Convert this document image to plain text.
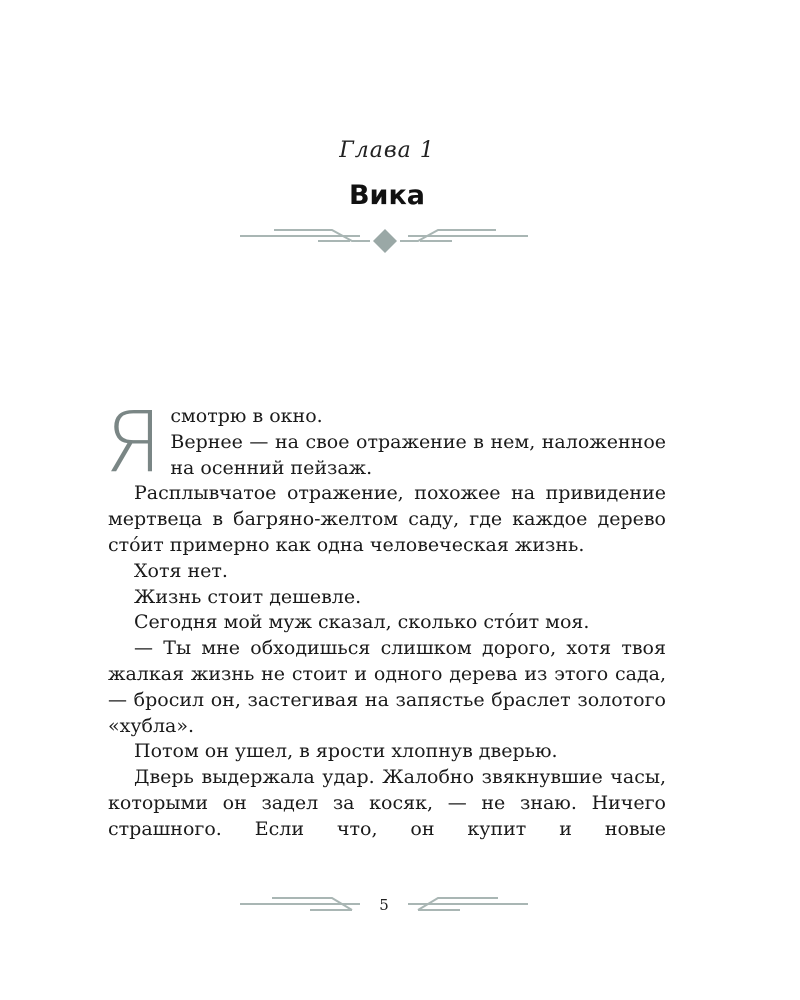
Глава 1
Вика
Я смотрю в окно.

Вернее — на свое отражение в нем, наложенное на осенний пейзаж.

Расплывчатое отражение, похожее на привидение мертвеца в багряно-желтом саду, где каждое дерево сто́ит примерно как одна человеческая жизнь.

Хотя нет.

Жизнь стоит дешевле.

Сегодня мой муж сказал, сколько сто́ит моя.

— Ты мне обходишься слишком дорого, хотя твоя жалкая жизнь не стоит и одного дерева из этого сада, — бросил он, застегивая на запястье браслет золотого «хубла».

Потом он ушел, в ярости хлопнув дверью.

Дверь выдержала удар. Жалобно звякнувшие часы, которыми он задел за косяк, — не знаю. Ничего страшного. Если что, он купит и новые

5
